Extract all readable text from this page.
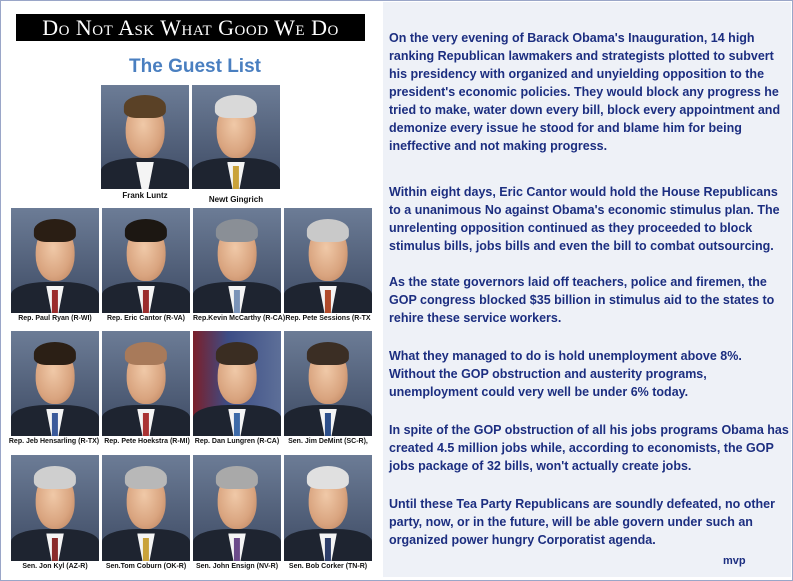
Do Not Ask What Good We Do
The Guest List
Frank Luntz	Newt Gingrich
Rep. Paul Ryan (R-WI)	Rep. Eric Cantor (R-VA)	Rep.Kevin McCarthy (R-CA) Rep. Pete Sessions (R-TX
Rep. Jeb Hensarling (R-TX) Rep. Pete Hoekstra (R-MI) Rep. Dan Lungren (R-CA)	Sen. Jim DeMint (SC-R),
Sen. Jon Kyl (AZ-R)	Sen.Tom Coburn (OK-R)	Sen. John Ensign (NV-R)	Sen. Bob Corker (TN-R)

On the very evening of Barack Obama's Inauguration, 14 high ranking Republican lawmakers and strategists plotted to subvert his presidency with organized and unyielding opposition to the president's economic policies. They would block any progress he tried to make, water down every bill, block every appointment and demonize every issue he stood for and blame him for being ineffective and not making progress.

Within eight days, Eric Cantor would hold the House Republicans to a unanimous No against Obama's economic stimulus plan. The unrelenting opposition continued as they proceeded to block stimulus bills, jobs bills and even the bill to combat outsourcing.

As the state governors laid off teachers, police and firemen, the GOP congress blocked $35 billion in stimulus aid to the states to rehire these service workers.

What they managed to do is hold unemployment above 8%. Without the GOP obstruction and austerity programs, unemployment could very well be under 6% today.

In spite of the GOP obstruction of all his jobs programs Obama has created 4.5 million jobs while, according to economists, the GOP jobs package of 32 bills, won't actually create jobs.

Until these Tea Party Republicans are soundly defeated, no other party, now, or in the future, will be able govern under such an organized power hungry Corporatist agenda.

mvp
